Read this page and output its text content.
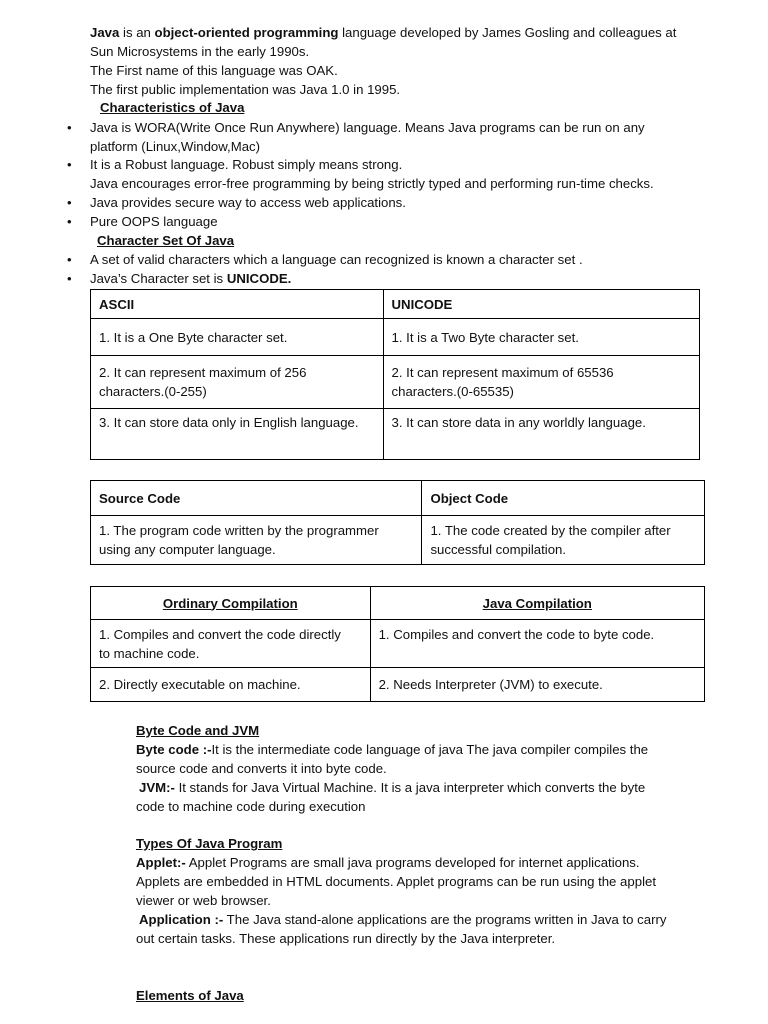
Java is an object-oriented programming language developed by James Gosling and colleagues at
Sun Microsystems in the early 1990s.
The First name of this language was OAK.
The first public implementation was Java 1.0 in 1995.
Characteristics of Java
• Java is WORA(Write Once Run Anywhere) language. Means Java programs can be run on any
platform (Linux,Window,Mac)
• It is a Robust language. Robust simply means strong.
Java encourages error-free programming by being strictly typed and performing run-time checks.
• Java provides secure way to access web applications.
• Pure OOPS language
Character Set Of Java
• A set of valid characters which a language can recognized is known a character set .
• Java’s Character set is UNICODE.
ASCII	UNICODE
1. It is a One Byte character set.	1. It is a Two Byte character set.
2. It can represent maximum of 256
characters.(0-255)	2. It can represent maximum of 65536
characters.(0-65535)
3. It can store data only in English language.	3. It can store data in any worldly language.
Source Code	Object Code
1. The program code written by the programmer
using any computer language.	1. The code created by the compiler after
successful compilation.
Ordinary Compilation	Java Compilation
1. Compiles and convert the code directly
to machine code.	1. Compiles and convert the code to byte code.
2. Directly executable on machine.	2. Needs Interpreter (JVM) to execute.
Byte Code and JVM
Byte code :-It is the intermediate code language of java The java compiler compiles the
source code and converts it into byte code.
JVM:- It stands for Java Virtual Machine. It is a java interpreter which converts the byte
code to machine code during execution
Types Of Java Program
Applet:- Applet Programs are small java programs developed for internet applications.
Applets are embedded in HTML documents. Applet programs can be run using the applet
viewer or web browser.
Application :- The Java stand-alone applications are the programs written in Java to carry
out certain tasks. These applications run directly by the Java interpreter.
Elements of Java
